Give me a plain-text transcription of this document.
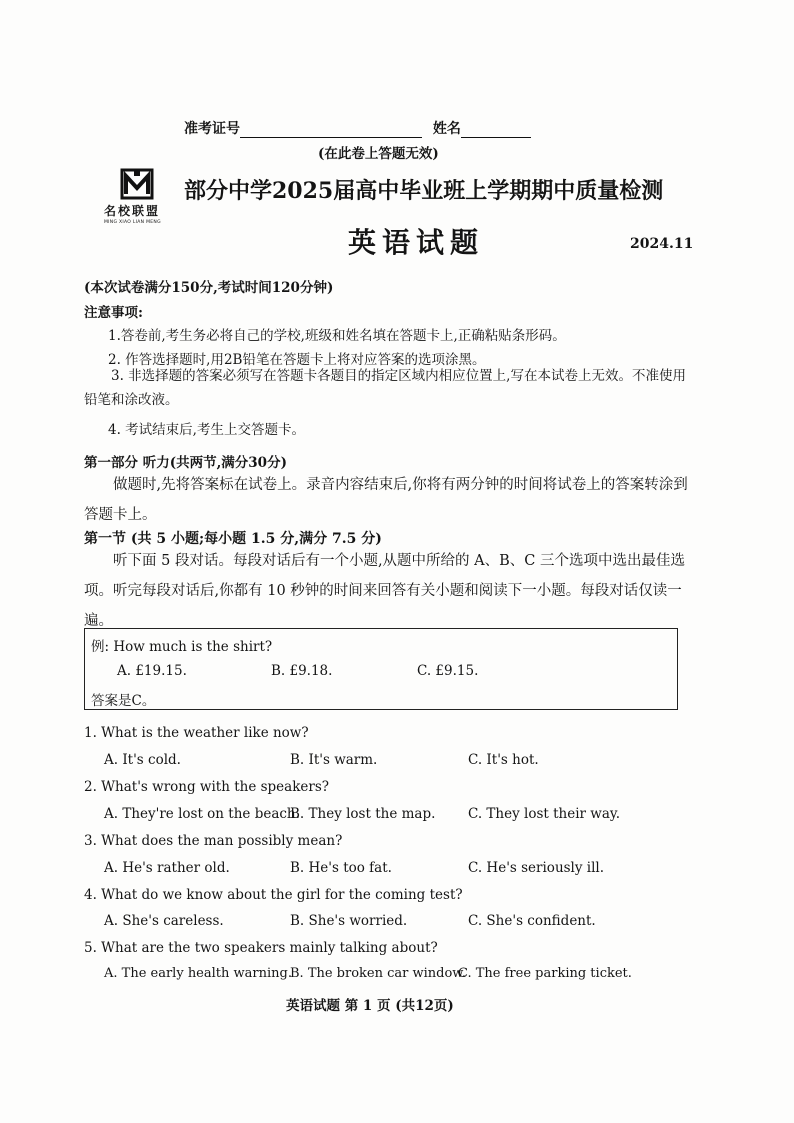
准考证号	姓名
(在此卷上答题无效)
名校联盟
MING XIAO LIAN MENG
部分中学2025届高中毕业班上学期期中质量检测
英语试题	2024.11
(本次试卷满分150分,考试时间120分钟)
注意事项:
1.答卷前,考生务必将自己的学校,班级和姓名填在答题卡上,正确粘贴条形码。
2. 作答选择题时,用2B铅笔在答题卡上将对应答案的选项涂黑。
3. 非选择题的答案必须写在答题卡各题目的指定区域内相应位置上,写在本试卷上无效。不准使用铅笔和涂改液。
4. 考试结束后,考生上交答题卡。
第一部分 听力(共两节,满分30分)
做题时,先将答案标在试卷上。录音内容结束后,你将有两分钟的时间将试卷上的答案转涂到答题卡上。
第一节 (共 5 小题;每小题 1.5 分,满分 7.5 分)
听下面 5 段对话。每段对话后有一个小题,从题中所给的 A、B、C 三个选项中选出最佳选项。听完每段对话后,你都有 10 秒钟的时间来回答有关小题和阅读下一小题。每段对话仅读一遍。
例: How much is the shirt?
A. £19.15.	B. £9.18.	C. £9.15.
答案是C。
1. What is the weather like now?
A. It's cold.	B. It's warm.	C. It's hot.
2. What's wrong with the speakers?
A. They're lost on the beach.
B. They lost the map. C. They lost their way.
3. What does the man possibly mean?
A. He's rather old.	B. He's too fat.	C. He's seriously ill.
4. What do we know about the girl for the coming test?
A. She's careless.	B. She's worried.	C. She's confident.
5. What are the two speakers mainly talking about?
A. The early health warning.
B. The broken car window.
C. The free parking ticket.
英语试题 第 1 页 (共12页)
